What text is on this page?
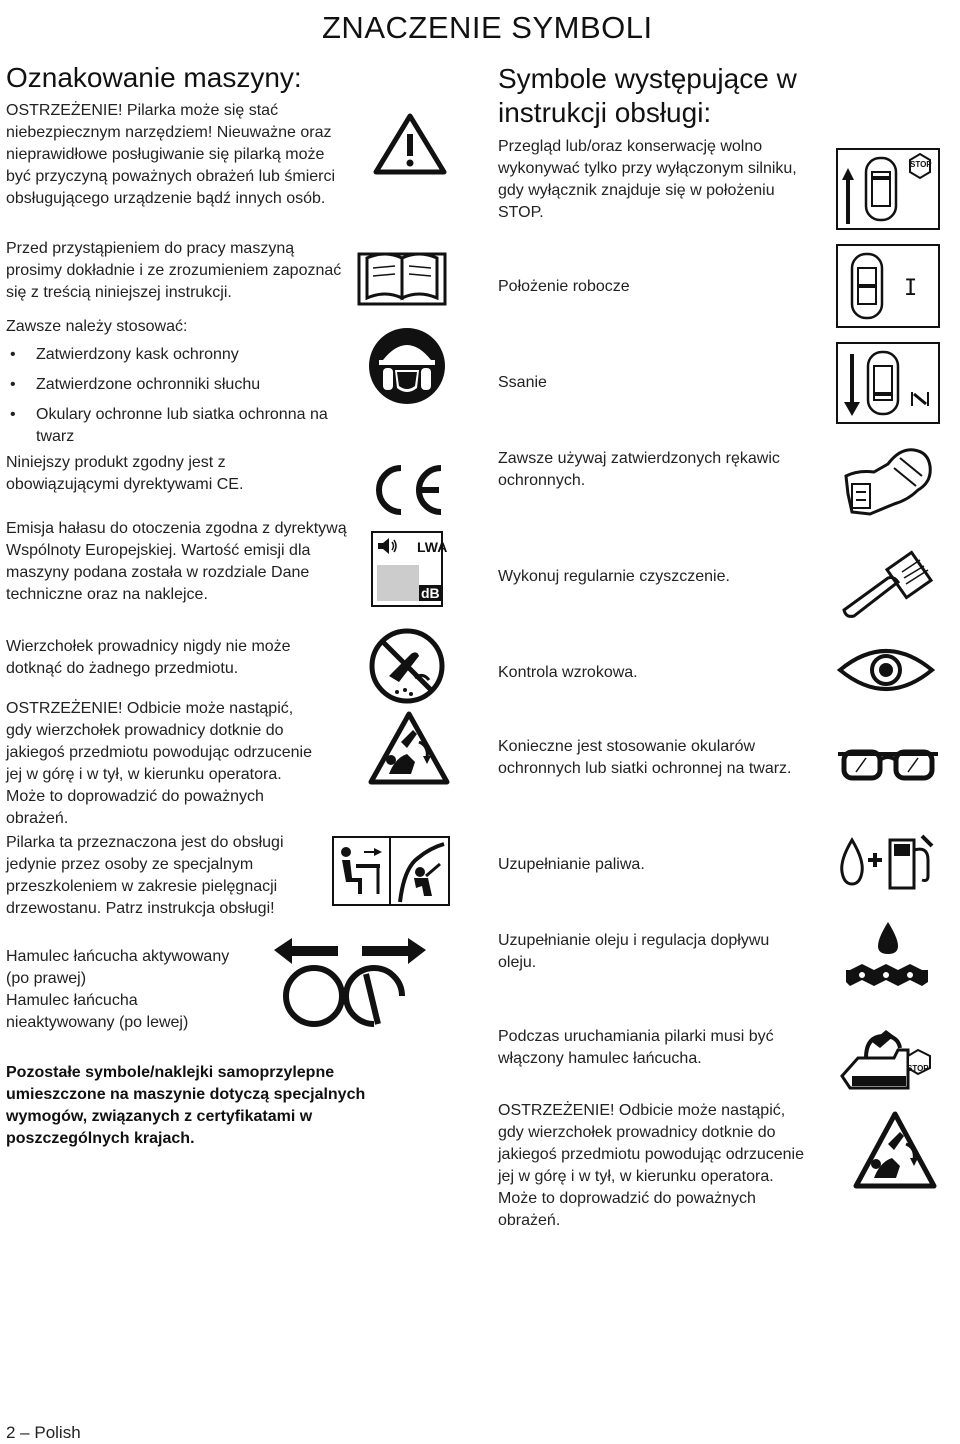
ZNACZENIE SYMBOLI
Oznakowanie maszyny:
OSTRZEŻENIE! Pilarka może się stać niebezpiecznym narzędziem! Nieuważne oraz nieprawidłowe posługiwanie się pilarką może być przyczyną poważnych obrażeń lub śmierci obsługującego urządzenie bądź innych osób.
Przed przystąpieniem do pracy maszyną prosimy dokładnie i ze zrozumieniem zapoznać się z treścią niniejszej instrukcji.
Zawsze należy stosować:
• Zatwierdzony kask ochronny
• Zatwierdzone ochronniki słuchu
• Okulary ochronne lub siatka ochronna na twarz
Niniejszy produkt zgodny jest z obowiązującymi dyrektywami CE.
Emisja hałasu do otoczenia zgodna z dyrektywą Wspólnoty Europejskiej. Wartość emisji dla maszyny podana została w rozdziale Dane techniczne oraz na naklejce.
Wierzchołek prowadnicy nigdy nie może dotknąć do żadnego przedmiotu.
OSTRZEŻENIE! Odbicie może nastąpić, gdy wierzchołek prowadnicy dotknie do jakiegoś przedmiotu powodując odrzucenie jej w górę i w tył, w kierunku operatora. Może to doprowadzić do poważnych obrażeń.
Pilarka ta przeznaczona jest do obsługi jedynie przez osoby ze specjalnym przeszkoleniem w zakresie pielęgnacji drzewostanu. Patrz instrukcja obsługi!
Hamulec łańcucha aktywowany
(po prawej)
Hamulec łańcucha
nieaktywowany (po lewej)
Pozostałe symbole/naklejki samoprzylepne umieszczone na maszynie dotyczą specjalnych wymogów, związanych z certyfikatami w poszczególnych krajach.
LWA
dB
Symbole występujące w instrukcji obsługi:
Przegląd lub/oraz konserwację wolno wykonywać tylko przy wyłączonym silniku, gdy wyłącznik znajduje się w położeniu STOP.
Położenie robocze
Ssanie
Zawsze używaj zatwierdzonych rękawic ochronnych.
Wykonuj regularnie czyszczenie.
Kontrola wzrokowa.
Konieczne jest stosowanie okularów ochronnych lub siatki ochronnej na twarz.
Uzupełnianie paliwa.
Uzupełnianie oleju i regulacja dopływu oleju.
Podczas uruchamiania pilarki musi być włączony hamulec łańcucha.
OSTRZEŻENIE! Odbicie może nastąpić, gdy wierzchołek prowadnicy dotknie do jakiegoś przedmiotu powodując odrzucenie jej w górę i w tył, w kierunku operatora. Może to doprowadzić do poważnych obrażeń.
STOP
I
STOP
2 – Polish
